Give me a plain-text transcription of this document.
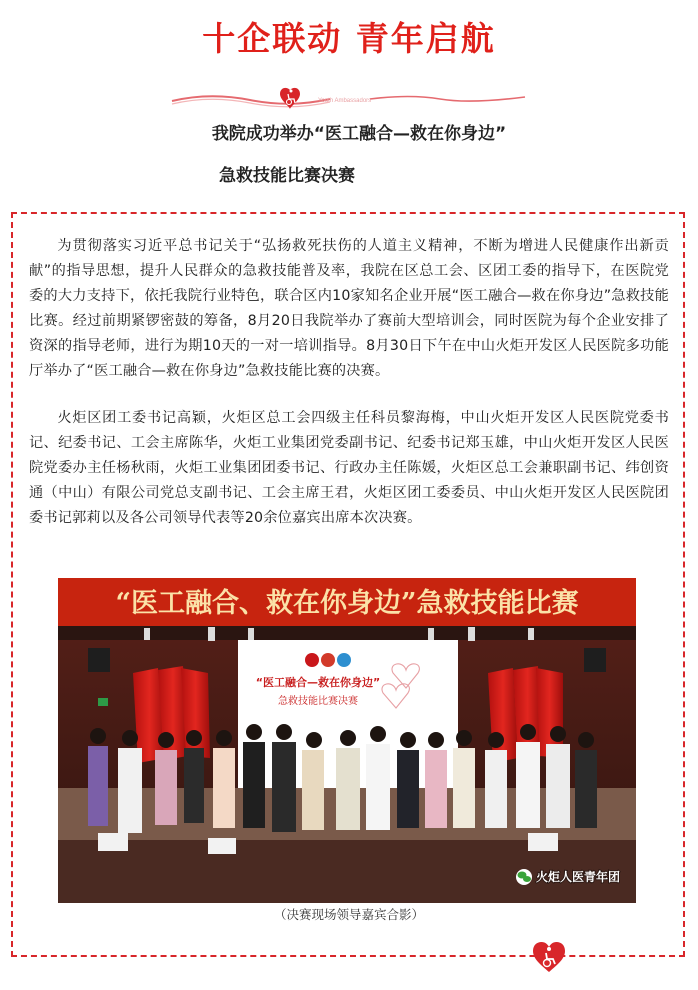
十企联动 青年启航
Youth Ambassadors
我院成功举办“医工融合—救在你身边”
急救技能比赛决赛

为贯彻落实习近平总书记关于“弘扬救死扶伤的人道主义精神，不断为增进人民健康作出新贡献”的指导思想，提升人民群众的急救技能普及率，我院在区总工会、区团工委的指导下，在医院党委的大力支持下，依托我院行业特色，联合区内10家知名企业开展“医工融合—救在你身边”急救技能比赛。经过前期紧锣密鼓的筹备，8月20日我院举办了赛前大型培训会，同时医院为每个企业安排了资深的指导老师，进行为期10天的一对一培训指导。8月30日下午在中山火炬开发区人民医院多功能厅举办了“医工融合—救在你身边”急救技能比赛的决赛。

火炬区团工委书记高颖，火炬区总工会四级主任科员黎海梅，中山火炬开发区人民医院党委书记、纪委书记、工会主席陈华，火炬工业集团党委副书记、纪委书记郑玉雄，中山火炬开发区人民医院党委办主任杨秋雨，火炬工业集团团委书记、行政办主任陈媛，火炬区总工会兼职副书记、纬创资通（中山）有限公司党总支副书记、工会主席王君，火炬区团工委委员、中山火炬开发区人民医院团委书记郭莉以及各公司领导代表等20余位嘉宾出席本次决赛。

“医工融合、救在你身边”急救技能比赛
“医工融合—救在你身边”
急救技能比赛决赛
火炬人医青年团
（决赛现场领导嘉宾合影）
